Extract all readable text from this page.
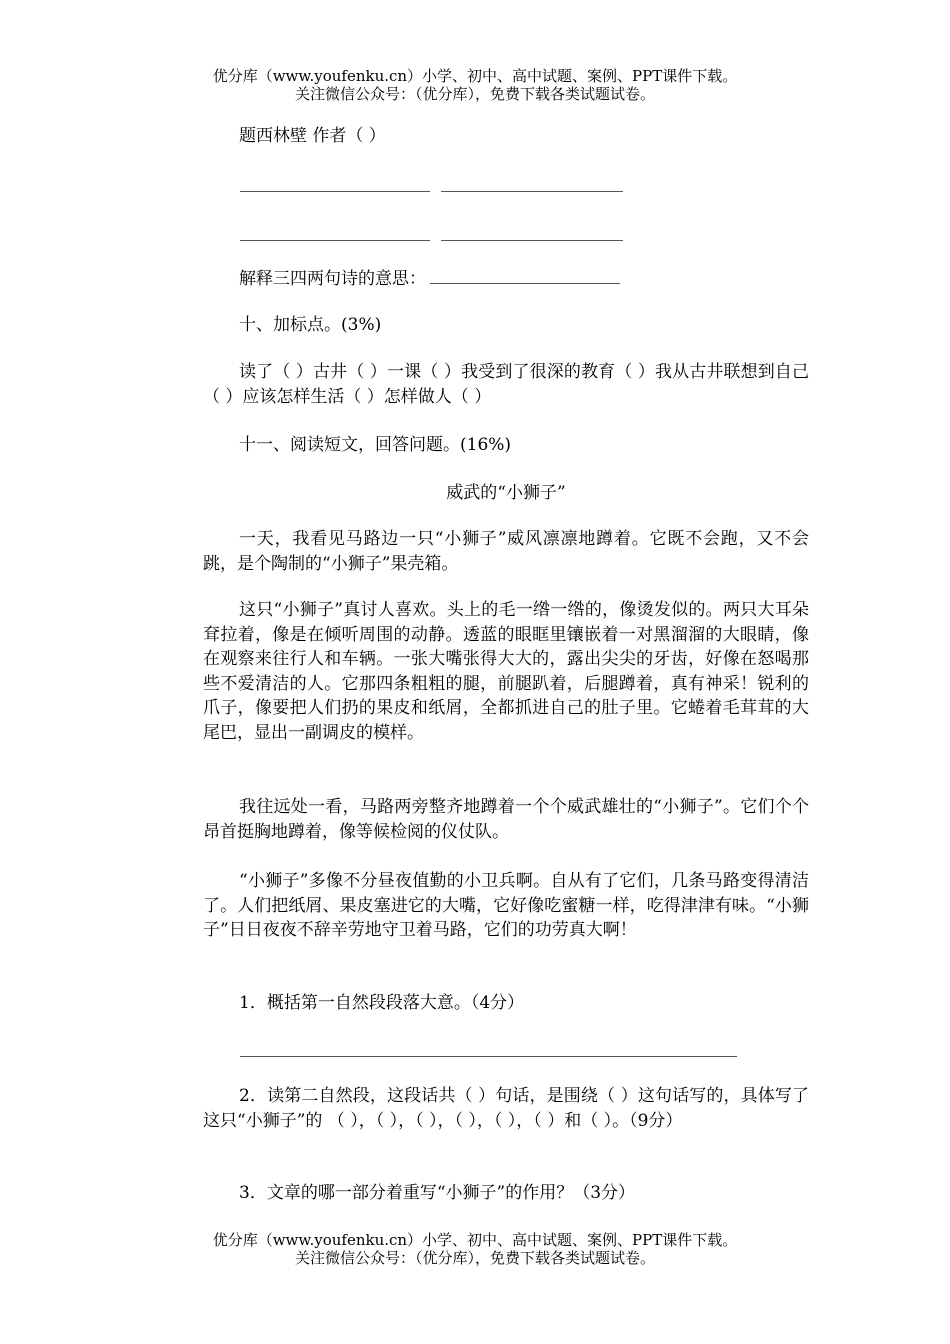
优分库（www.youfenku.cn）小学、初中、高中试题、案例、PPT课件下载。
关注微信公众号：（优分库），免费下载各类试题试卷。
题西林壁 作者（ ）
解释三四两句诗的意思：
十、加标点。(3%)
读了（ ）古井（ ）一课（ ）我受到了很深的教育（ ）我从古井联想到自己（ ）应该怎样生活（ ）怎样做人（ ）
十一、阅读短文，回答问题。(16%)
威武的“小狮子”
一天，我看见马路边一只“小狮子”威风凛凛地蹲着。它既不会跑，又不会跳，是个陶制的“小狮子”果壳箱。
这只“小狮子”真讨人喜欢。头上的毛一绺一绺的，像烫发似的。两只大耳朵耷拉着，像是在倾听周围的动静。透蓝的眼眶里镶嵌着一对黑溜溜的大眼睛，像在观察来往行人和车辆。一张大嘴张得大大的，露出尖尖的牙齿，好像在怒喝那些不爱清洁的人。它那四条粗粗的腿，前腿趴着，后腿蹲着，真有神采！锐利的爪子，像要把人们扔的果皮和纸屑，全都抓进自己的肚子里。它蜷着毛茸茸的大尾巴，显出一副调皮的模样。
我往远处一看，马路两旁整齐地蹲着一个个威武雄壮的“小狮子”。它们个个昂首挺胸地蹲着，像等候检阅的仪仗队。
“小狮子”多像不分昼夜值勤的小卫兵啊。自从有了它们，几条马路变得清洁了。人们把纸屑、果皮塞进它的大嘴，它好像吃蜜糖一样，吃得津津有味。“小狮子”日日夜夜不辞辛劳地守卫着马路，它们的功劳真大啊！
1．概括第一自然段段落大意。（4分）
2．读第二自然段，这段话共（ ）句话，是围绕（ ）这句话写的，具体写了这只“小狮子”的 （ ），（ ），（ ），（ ），（ ），（ ）和（ ）。（9分）
3．文章的哪一部分着重写“小狮子”的作用？（3分）
优分库（www.youfenku.cn）小学、初中、高中试题、案例、PPT课件下载。
关注微信公众号：（优分库），免费下载各类试题试卷。
